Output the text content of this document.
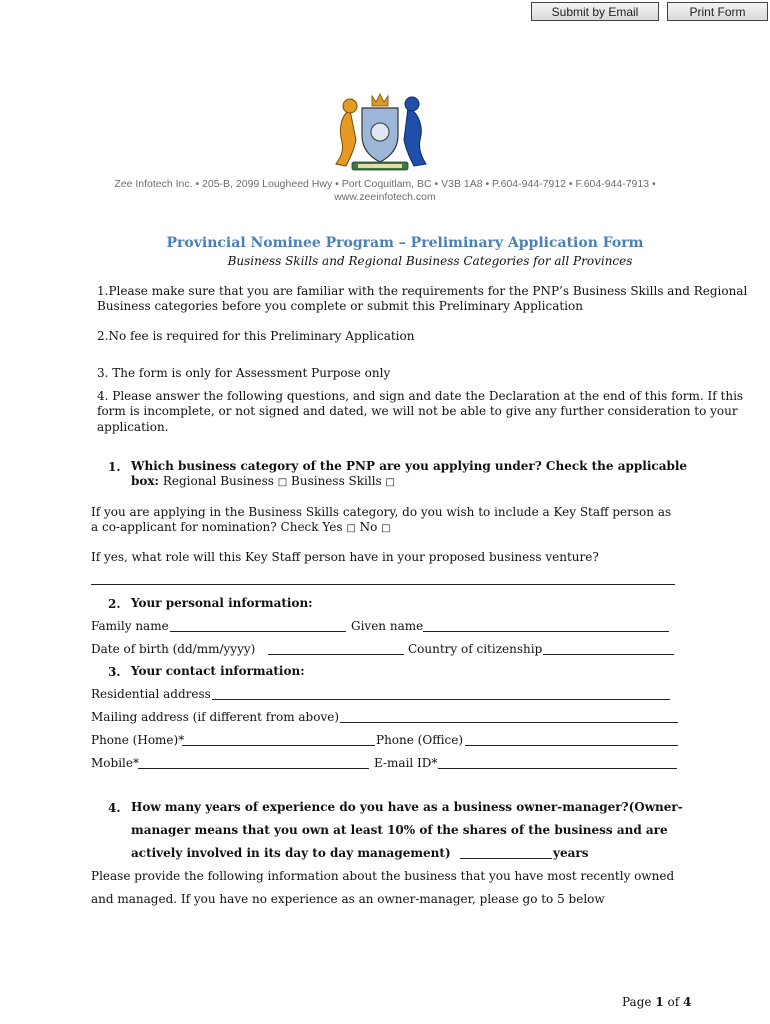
Submit by Email	Print Form
Zee Infotech Inc. • 205-B, 2099 Lougheed Hwy • Port Coquitlam, BC • V3B 1A8 • P.604-944-7912 • F.604-944-7913 •
www.zeeinfotech.com
Provincial Nominee Program – Preliminary Application Form
Business Skills and Regional Business Categories for all Provinces
1.Please make sure that you are familiar with the requirements for the PNP’s Business Skills and Regional
Business categories before you complete or submit this Preliminary Application
2.No fee is required for this Preliminary Application
3. The form is only for Assessment Purpose only
4. Please answer the following questions, and sign and date the Declaration at the end of this form. If this
form is incomplete, or not signed and dated, we will not be able to give any further consideration to your
application.
1. Which business category of the PNP are you applying under? Check the applicable
box: Regional Business □ Business Skills □
If you are applying in the Business Skills category, do you wish to include a Key Staff person as
a co-applicant for nomination? Check Yes □ No □
If yes, what role will this Key Staff person have in your proposed business venture?
2. Your personal information:
Family name	Given name
Date of birth (dd/mm/yyyy)	Country of citizenship
3. Your contact information:
Residential address
Mailing address (if different from above)
Phone (Home)*	Phone (Office)
Mobile*	E-mail ID*
4. How many years of experience do you have as a business owner-manager?(Owner-
manager means that you own at least 10% of the shares of the business and are
actively involved in its day to day management)	years
Please provide the following information about the business that you have most recently owned
and managed. If you have no experience as an owner-manager, please go to 5 below
Page 1 of 4
